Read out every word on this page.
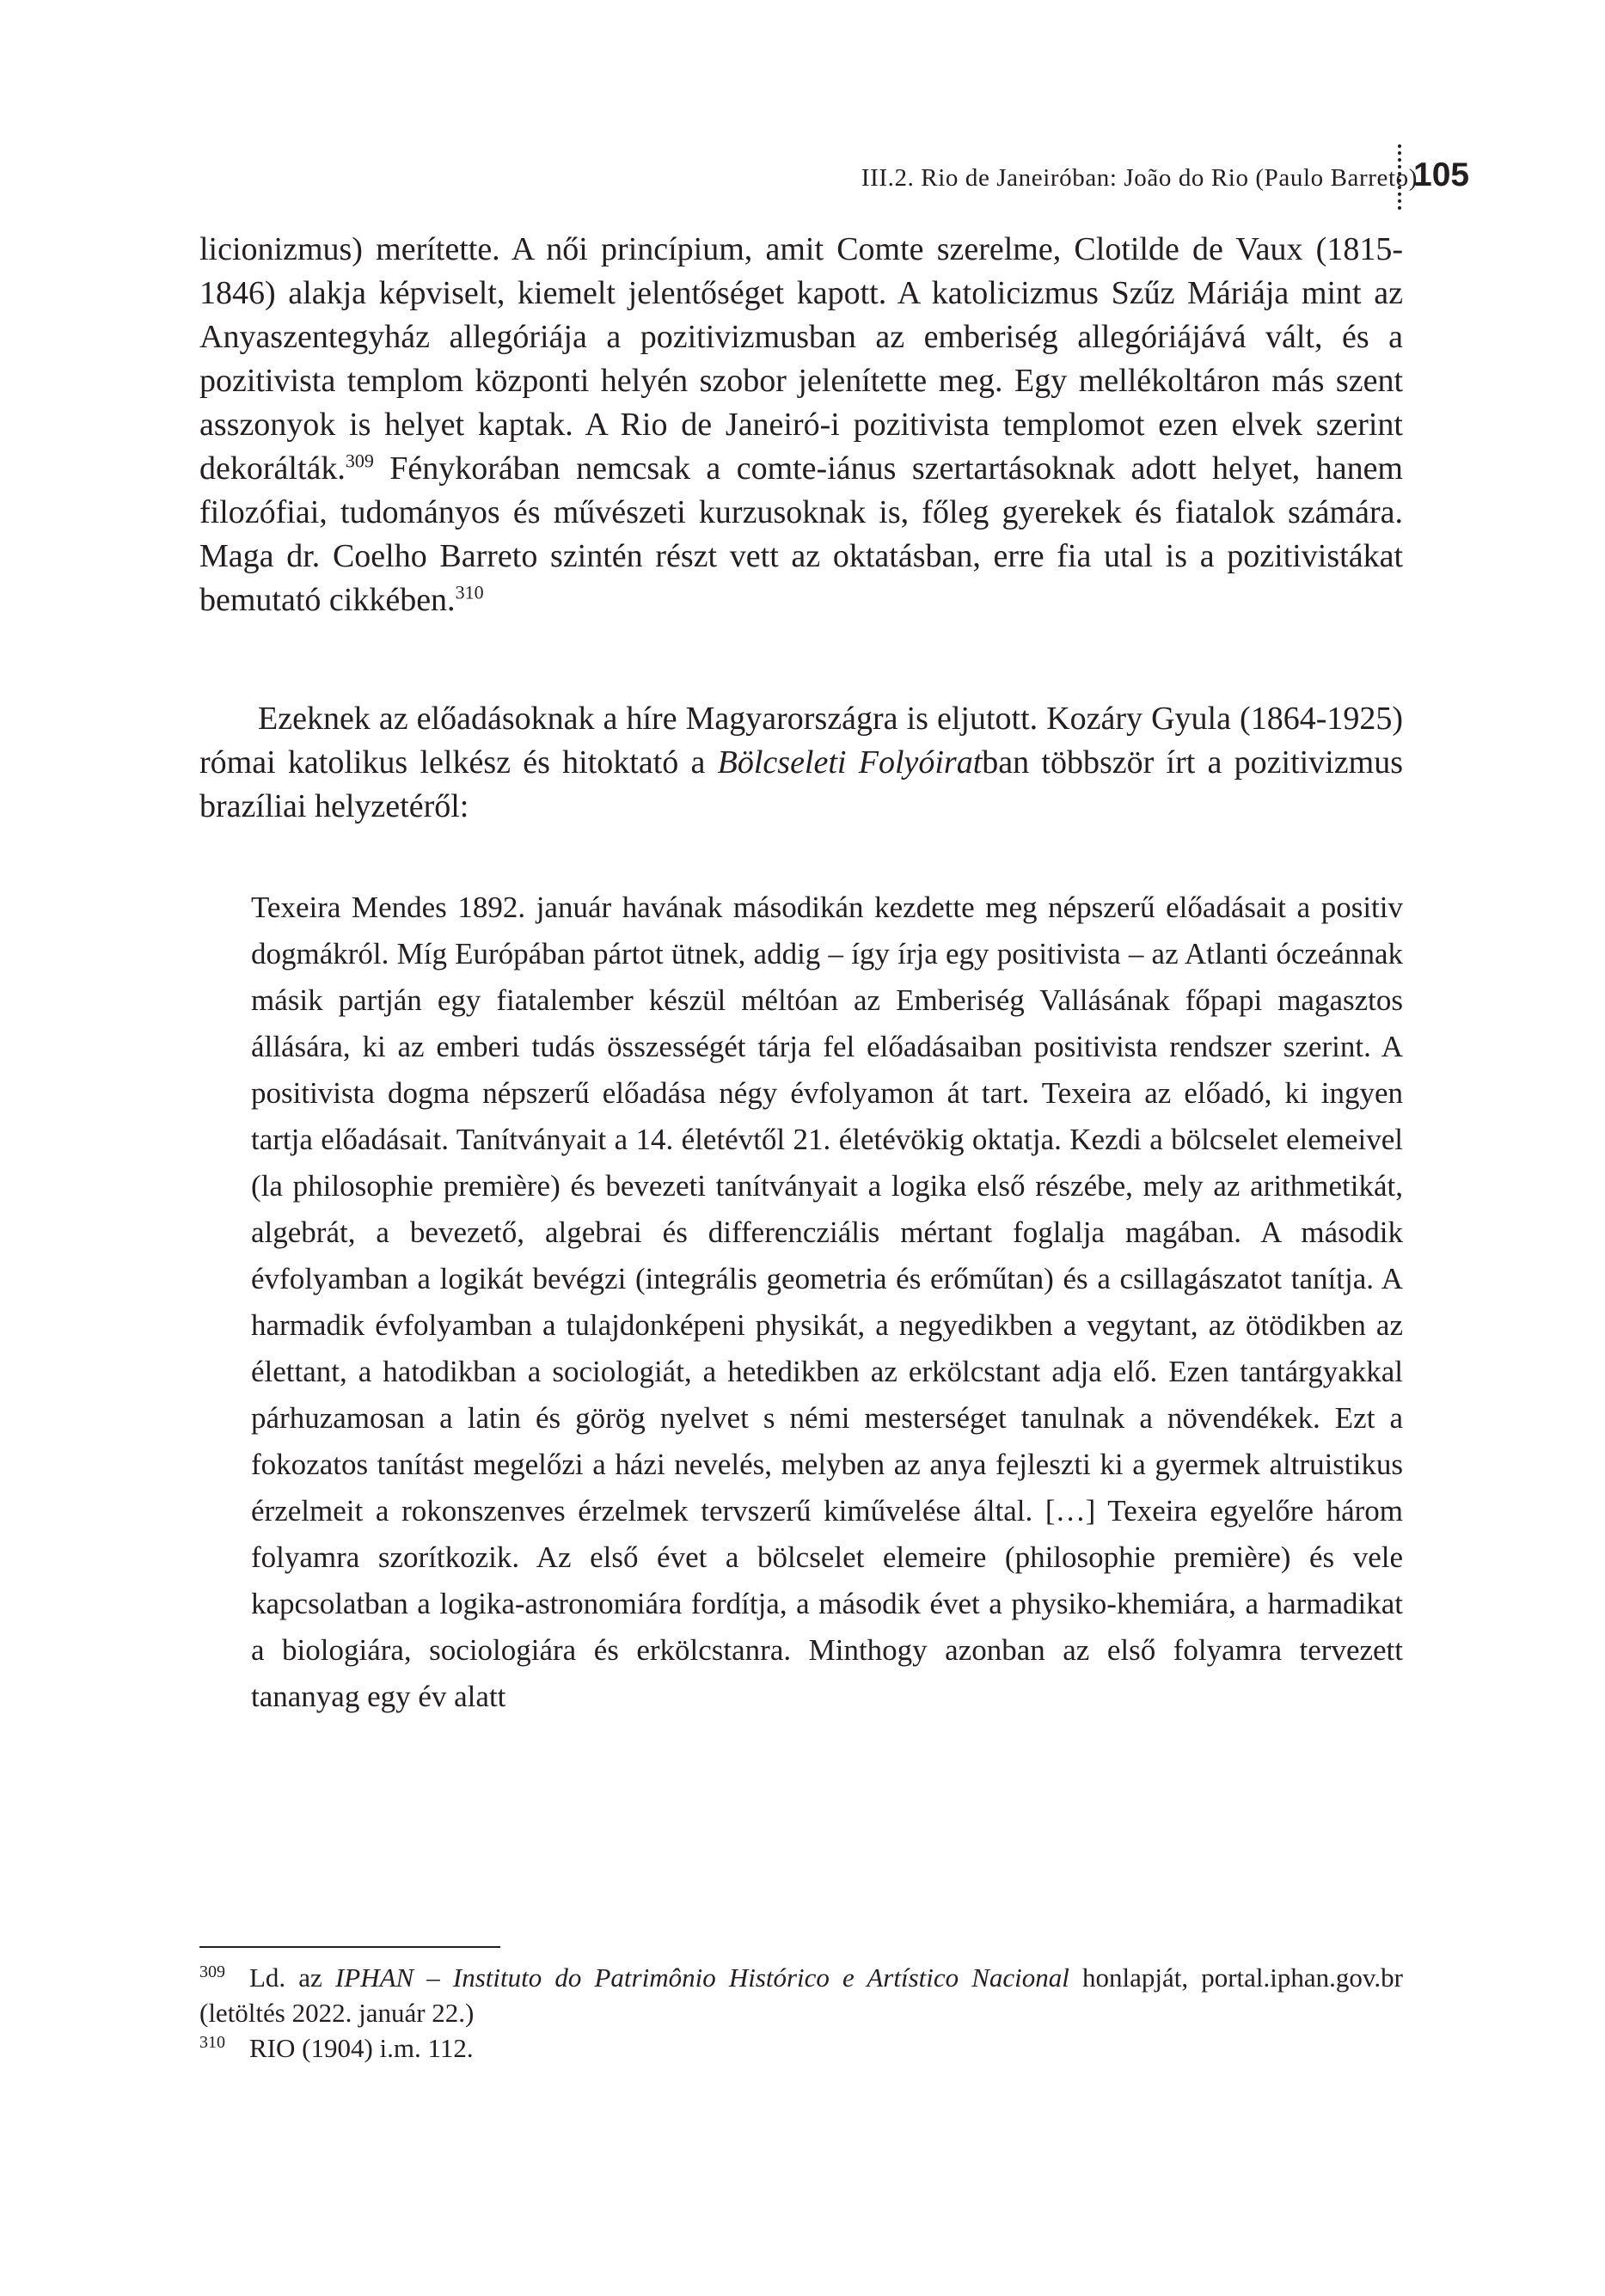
III.2. Rio de Janeiróban: João do Rio (Paulo Barreto)
105

licionizmus) merítette. A női princípium, amit Comte szerelme, Clotilde de Vaux (1815-1846) alakja képviselt, kiemelt jelentőséget kapott. A katolicizmus Szűz Máriája mint az Anyaszentegyház allegóriája a pozitivizmusban az emberiség allegóriájává vált, és a pozitivista templom központi helyén szobor jelenítette meg. Egy mellékoltáron más szent asszonyok is helyet kaptak. A Rio de Janeiró-i pozitivista templomot ezen elvek szerint dekorálták.$^{309}$ Fénykorában nemcsak a comte-iánus szertartásoknak adott helyet, hanem filozófiai, tudományos és művészeti kurzusoknak is, főleg gyerekek és fiatalok számára. Maga dr. Coelho Barreto szintén részt vett az oktatásban, erre fia utal is a pozitivistákat bemutató cikkében.$^{310}$

Ezeknek az előadásoknak a híre Magyarországra is eljutott. Kozáry Gyula (1864-1925) római katolikus lelkész és hitoktató a Bölcseleti Folyóiratban többször írt a pozitivizmus brazíliai helyzetéről:

Texeira Mendes 1892. január havának másodikán kezdette meg népszerű előadásait a positiv dogmákról. Míg Európában pártot ütnek, addig – így írja egy positivista – az Atlanti óczeánnak másik partján egy fiatalember készül méltóan az Emberiség Vallásának főpapi magasztos állására, ki az emberi tudás összességét tárja fel előadásaiban positivista rendszer szerint. A positivista dogma népszerű előadása négy évfolyamon át tart. Texeira az előadó, ki ingyen tartja előadásait. Tanítványait a 14. életévtől 21. életévökig oktatja. Kezdi a bölcselet elemeivel (la philosophie première) és bevezeti tanítványait a logika első részébe, mely az arithmetikát, algebrát, a bevezető, algebrai és differencziális mértant foglalja magában. A második évfolyamban a logikát bevégzi (integrális geometria és erőműtan) és a csillagászatot tanítja. A harmadik évfolyamban a tulajdonképeni physikát, a negyedikben a vegytant, az ötödikben az élettant, a hatodikban a sociologiát, a hetedikben az erkölcstant adja elő. Ezen tantárgyakkal párhuzamosan a latin és görög nyelvet s némi mesterséget tanulnak a növendékek. Ezt a fokozatos tanítást megelőzi a házi nevelés, melyben az anya fejleszti ki a gyermek altruistikus érzelmeit a rokonszenves érzelmek tervszerű kiművelése által. […] Texeira egyelőre három folyamra szorítkozik. Az első évet a bölcselet elemeire (philosophie première) és vele kapcsolatban a logika-astronomiára fordítja, a második évet a physiko-khemiára, a harmadikat a biologiára, sociologiára és erkölcstanra. Minthogy azonban az első folyamra tervezett tananyag egy év alatt

$^{309}$ Ld. az IPHAN – Instituto do Patrimônio Histórico e Artístico Nacional honlapját, portal.iphan.gov.br (letöltés 2022. január 22.)

$^{310}$ RIO (1904) i.m. 112.
